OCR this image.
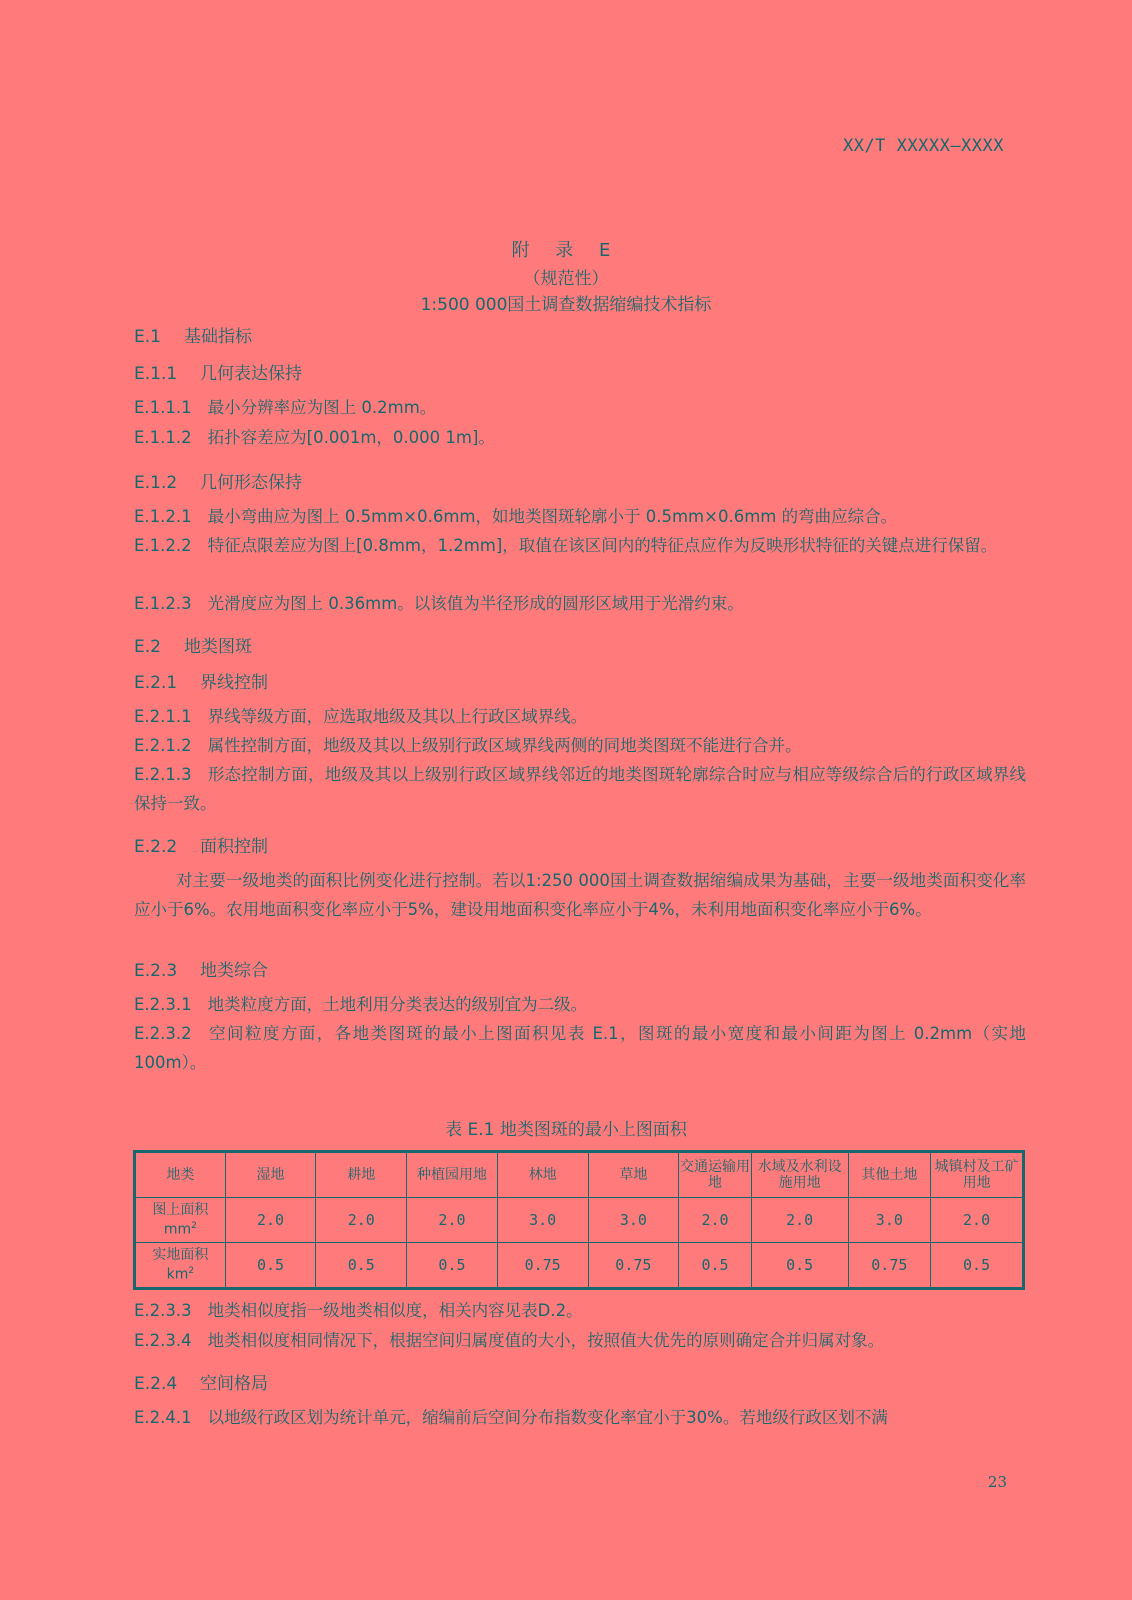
XX/T XXXXX—XXXX
附 录 E
（规范性）
1:500 000国土调查数据缩编技术指标
E.1 基础指标
E.1.1 几何表达保持
E.1.1.1 最小分辨率应为图上 0.2mm。
E.1.1.2 拓扑容差应为[0.001m，0.000 1m]。
E.1.2 几何形态保持
E.1.2.1 最小弯曲应为图上 0.5mm×0.6mm，如地类图斑轮廓小于 0.5mm×0.6mm 的弯曲应综合。
E.1.2.2 特征点限差应为图上[0.8mm，1.2mm]，取值在该区间内的特征点应作为反映形状特征的关键点进行保留。
E.1.2.3 光滑度应为图上 0.36mm。以该值为半径形成的圆形区域用于光滑约束。
E.2 地类图斑
E.2.1 界线控制
E.2.1.1 界线等级方面，应选取地级及其以上行政区域界线。
E.2.1.2 属性控制方面，地级及其以上级别行政区域界线两侧的同地类图斑不能进行合并。
E.2.1.3 形态控制方面，地级及其以上级别行政区域界线邻近的地类图斑轮廓综合时应与相应等级综合后的行政区域界线保持一致。
E.2.2 面积控制
对主要一级地类的面积比例变化进行控制。若以1:250 000国土调查数据缩编成果为基础，主要一级地类面积变化率应小于6%。农用地面积变化率应小于5%，建设用地面积变化率应小于4%，未利用地面积变化率应小于6%。
E.2.3 地类综合
E.2.3.1 地类粒度方面，土地利用分类表达的级别宜为二级。
E.2.3.2 空间粒度方面，各地类图斑的最小上图面积见表 E.1，图斑的最小宽度和最小间距为图上 0.2mm（实地 100m）。
表 E.1 地类图斑的最小上图面积
地类	湿地	耕地	种植园用地	林地	草地	交通运输用地	水域及水利设施用地	其他土地	城镇村及工矿用地
图上面积
$mm^2$	2.0	2.0	2.0	3.0	3.0	2.0	2.0	3.0	2.0
实地面积
$km^2$	0.5	0.5	0.5	0.75	0.75	0.5	0.5	0.75	0.5
E.2.3.3 地类相似度指一级地类相似度，相关内容见表D.2。
E.2.3.4 地类相似度相同情况下，根据空间归属度值的大小，按照值大优先的原则确定合并归属对象。
E.2.4 空间格局
E.2.4.1 以地级行政区划为统计单元，缩编前后空间分布指数变化率宜小于30%。若地级行政区划不满
23
